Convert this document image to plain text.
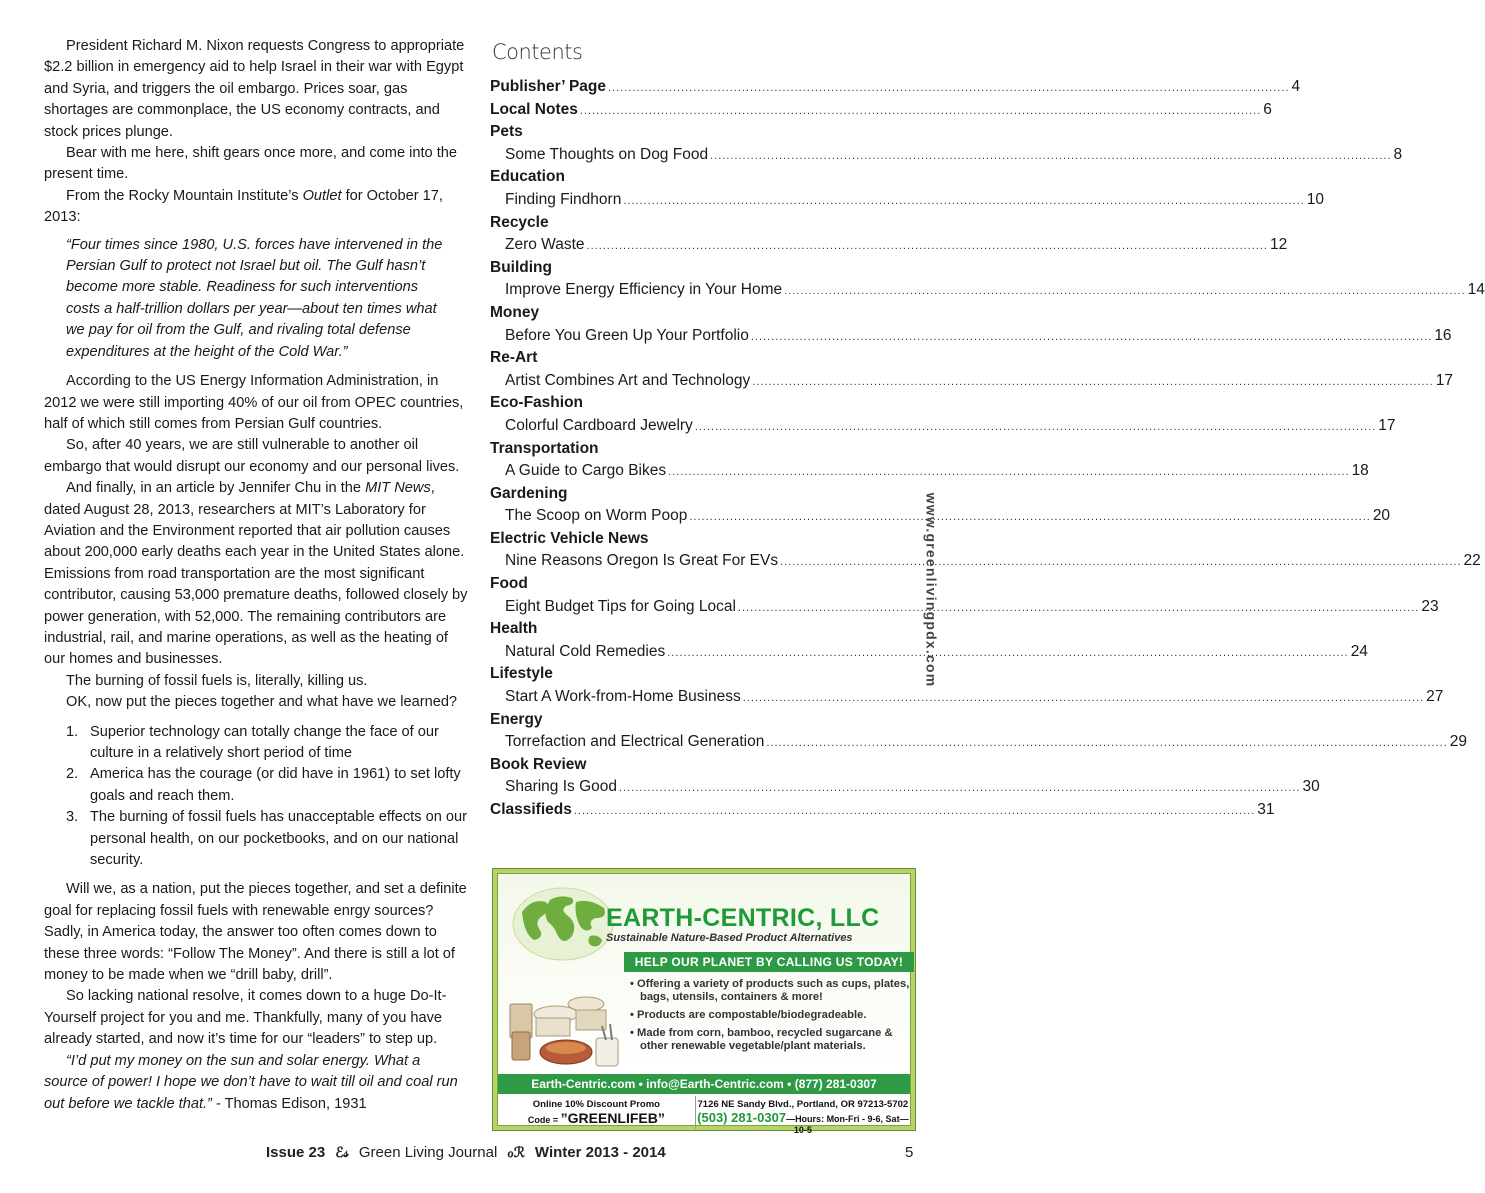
President Richard M. Nixon requests Congress to appropriate $2.2 billion in emergency aid to help Israel in their war with Egypt and Syria, and triggers the oil embargo. Prices soar, gas shortages are commonplace, the US economy contracts, and stock prices plunge.

Bear with me here, shift gears once more, and come into the present time.

From the Rocky Mountain Institute’s Outlet for October 17, 2013:

“Four times since 1980, U.S. forces have intervened in the Persian Gulf to protect not Israel but oil. The Gulf hasn’t become more stable. Readiness for such interventions costs a half-trillion dollars per year—about ten times what we pay for oil from the Gulf, and rivaling total defense expenditures at the height of the Cold War.”

According to the US Energy Information Administration, in 2012 we were still importing 40% of our oil from OPEC countries, half of which still comes from Persian Gulf countries.

So, after 40 years, we are still vulnerable to another oil embargo that would disrupt our economy and our personal lives.

And finally, in an article by Jennifer Chu in the MIT News, dated August 28, 2013, researchers at MIT’s Laboratory for Aviation and the Environment reported that air pollution causes about 200,000 early deaths each year in the United States alone. Emissions from road transportation are the most significant contributor, causing 53,000 premature deaths, followed closely by power generation, with 52,000. The remaining contributors are industrial, rail, and marine operations, as well as the heating of our homes and businesses.

The burning of fossil fuels is, literally, killing us.

OK, now put the pieces together and what have we learned?

1. Superior technology can totally change the face of our culture in a relatively short period of time
2. America has the courage (or did have in 1961) to set lofty goals and reach them.
3. The burning of fossil fuels has unacceptable effects on our personal health, on our pocketbooks, and on our national security.

Will we, as a nation, put the pieces together, and set a definite goal for replacing fossil fuels with renewable enrgy sources? Sadly, in America today, the answer too often comes down to these three words: “Follow The Money”. And there is still a lot of money to be made when we “drill baby, drill”.

So lacking national resolve, it comes down to a huge Do-It-Yourself project for you and me. Thankfully, many of you have already started, and now it’s time for our “leaders” to step up.

“I’d put my money on the sun and solar energy. What a source of power! I hope we don’t have to wait till oil and coal run out before we tackle that.” - Thomas Edison, 1931

Contents
Publisher’ Page .....	4
Local Notes .....	6
Pets
Some Thoughts on Dog Food .....	8
Education
Finding Findhorn .....	10
Recycle
Zero Waste .....	12
Building
Improve Energy Efficiency in Your Home .....	14
Money
Before You Green Up Your Portfolio .....	16
Re-Art
Artist Combines Art and Technology .....	17
Eco-Fashion
Colorful Cardboard Jewelry .....	17
Transportation
A Guide to Cargo Bikes .....	18
Gardening
The Scoop on Worm Poop .....	20
Electric Vehicle News
Nine Reasons Oregon Is Great For EVs .....	22
Food
Eight Budget Tips for Going Local .....	23
Health
Natural Cold Remedies .....	24
Lifestyle
Start A Work-from-Home Business .....	27
Energy
Torrefaction and Electrical Generation .....	29
Book Review
Sharing Is Good .....	30
Classifieds .....	31
www.greenlivingpdx.com
EARTH-CENTRIC, LLC
Sustainable Nature-Based Product Alternatives
HELP OUR PLANET BY CALLING US TODAY!
• Offering a variety of products such as cups, plates, bags, utensils, containers & more!
• Products are compostable/biodegradeable.
• Made from corn, bamboo, recycled sugarcane & other renewable vegetable/plant materials.
Earth-Centric.com • info@Earth-Centric.com • (877) 281-0307
Online 10% Discount Promo
Code = ”GREENLIFEB”
7126 NE Sandy Blvd., Portland, OR 97213-5702
(503) 281-0307—Hours: Mon-Fri - 9-6, Sat—10-5
Issue 23 ℰ𝓈 Green Living Journal ℴℛ Winter 2013 - 2014	5
